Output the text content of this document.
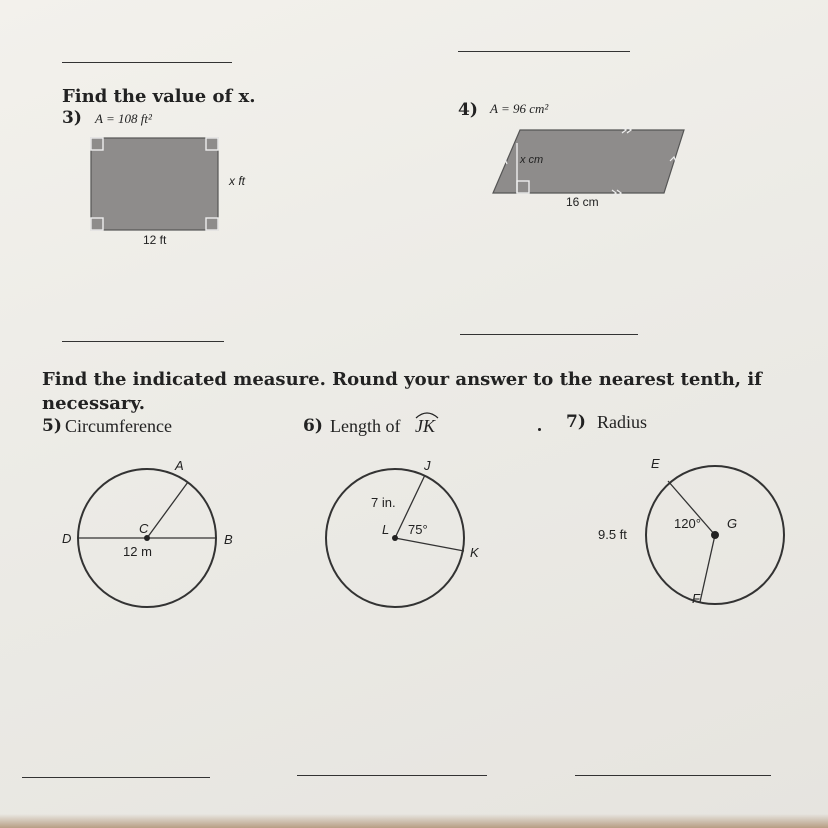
Find the value of x.
3) A = 108 ft²
x ft
12 ft
4) A = 96 cm²
x cm
16 cm
Find the indicated measure. Round your answer to the nearest tenth, if
necessary.
5) Circumference
A
C
D	B
12 m
6) Length of JK
J
7 in.
L 75°
K
7) Radius
E
120° G
9.5 ft
F
